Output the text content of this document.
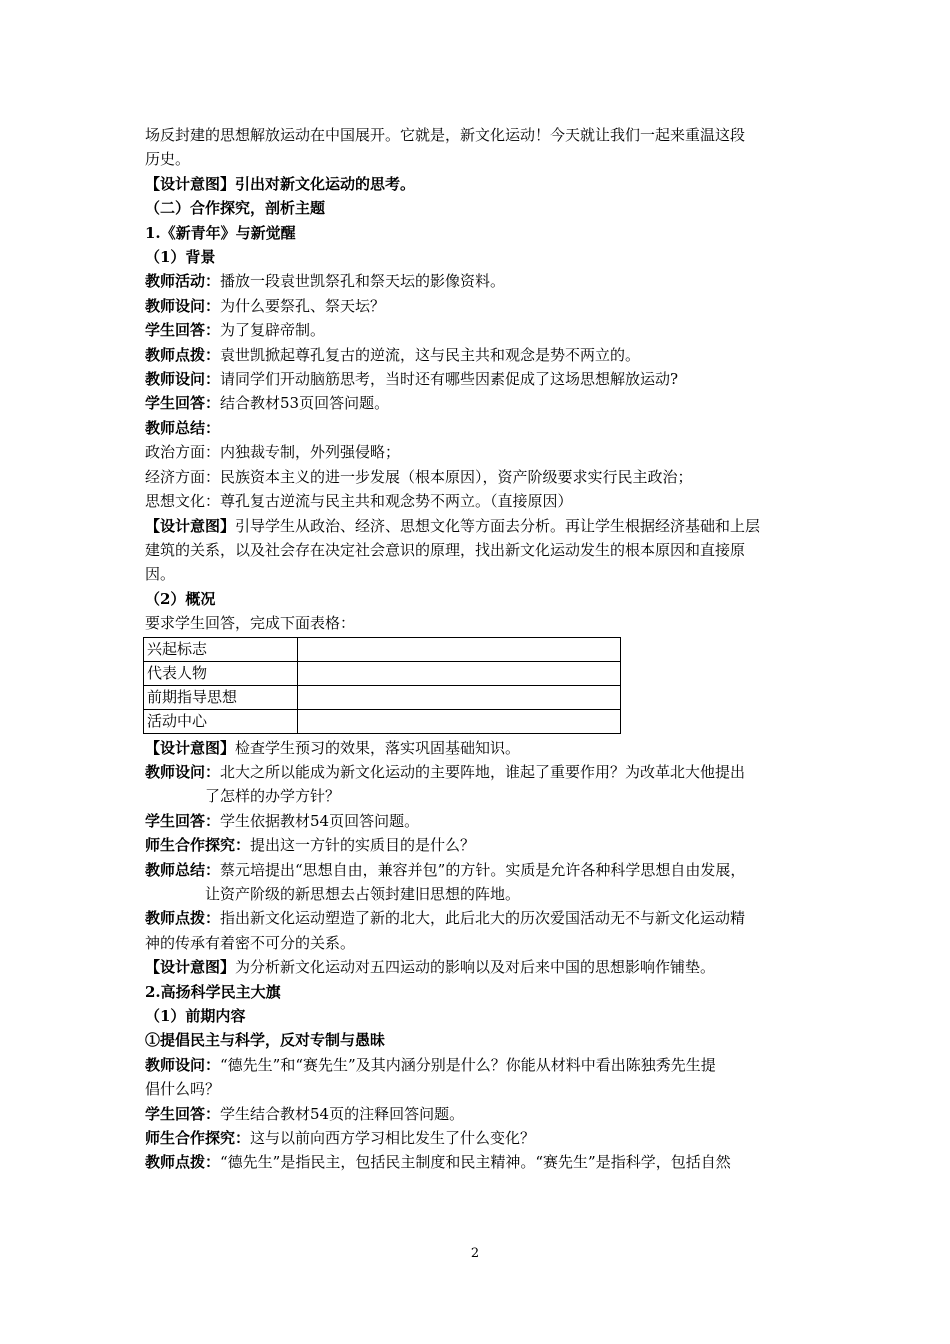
场反封建的思想解放运动在中国展开。它就是，新文化运动！今天就让我们一起来重温这段

历史。

【设计意图】引出对新文化运动的思考。

（二）合作探究，剖析主题

1.《新青年》与新觉醒

（1）背景

教师活动：播放一段袁世凯祭孔和祭天坛的影像资料。

教师设问：为什么要祭孔、祭天坛？

学生回答：为了复辟帝制。

教师点拨：袁世凯掀起尊孔复古的逆流，这与民主共和观念是势不两立的。

教师设问：请同学们开动脑筋思考，当时还有哪些因素促成了这场思想解放运动?

学生回答：结合教材53页回答问题。

教师总结：

政治方面：内独裁专制，外列强侵略；

经济方面：民族资本主义的进一步发展（根本原因），资产阶级要求实行民主政治；

思想文化：尊孔复古逆流与民主共和观念势不两立。（直接原因）

【设计意图】引导学生从政治、经济、思想文化等方面去分析。再让学生根据经济基础和上层

建筑的关系，以及社会存在决定社会意识的原理，找出新文化运动发生的根本原因和直接原

因。

（2）概况

要求学生回答，完成下面表格：

兴起标志	
代表人物	
前期指导思想	
活动中心	

【设计意图】检查学生预习的效果，落实巩固基础知识。

教师设问：北大之所以能成为新文化运动的主要阵地，谁起了重要作用？为改革北大他提出

了怎样的办学方针？

学生回答：学生依据教材54页回答问题。

师生合作探究：提出这一方针的实质目的是什么？

教师总结：蔡元培提出“思想自由，兼容并包”的方针。实质是允许各种科学思想自由发展，

让资产阶级的新思想去占领封建旧思想的阵地。

教师点拨：指出新文化运动塑造了新的北大，此后北大的历次爱国活动无不与新文化运动精

神的传承有着密不可分的关系。

【设计意图】为分析新文化运动对五四运动的影响以及对后来中国的思想影响作铺垫。

2.高扬科学民主大旗

（1）前期内容

①提倡民主与科学，反对专制与愚昧

教师设问：“德先生”和“赛先生”及其内涵分别是什么？你能从材料中看出陈独秀先生提

倡什么吗？

学生回答：学生结合教材54页的注释回答问题。

师生合作探究：这与以前向西方学习相比发生了什么变化？

教师点拨：“德先生”是指民主，包括民主制度和民主精神。“赛先生”是指科学，包括自然

2
